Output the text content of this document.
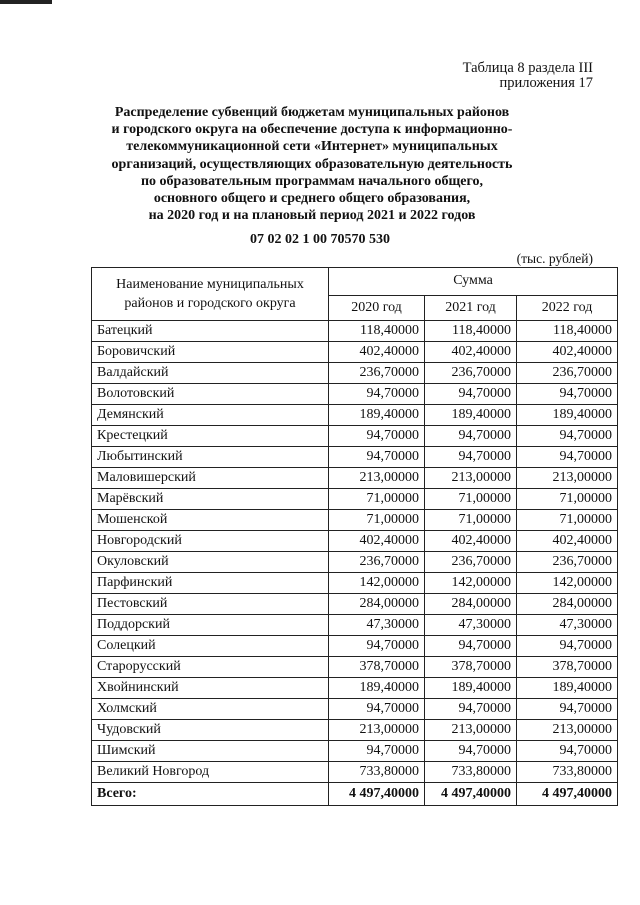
Таблица 8 раздела III
приложения 17
Распределение субвенций бюджетам муниципальных районов
и городского округа на обеспечение доступа к информационно-
телекоммуникационной сети «Интернет» муниципальных
организаций, осуществляющих образовательную деятельность
по образовательным программам начального общего,
основного общего и среднего общего образования,
на 2020 год и на плановый период 2021 и 2022 годов
07 02 02 1 00 70570 530
(тыс. рублей)
Наименование муниципальных районов и городского округа	Сумма		
	2020 год	2021 год	2022 год
Батецкий	118,40000	118,40000	118,40000
Боровичский	402,40000	402,40000	402,40000
Валдайский	236,70000	236,70000	236,70000
Волотовский	94,70000	94,70000	94,70000
Демянский	189,40000	189,40000	189,40000
Крестецкий	94,70000	94,70000	94,70000
Любытинский	94,70000	94,70000	94,70000
Маловишерский	213,00000	213,00000	213,00000
Марёвский	71,00000	71,00000	71,00000
Мошенской	71,00000	71,00000	71,00000
Новгородский	402,40000	402,40000	402,40000
Окуловский	236,70000	236,70000	236,70000
Парфинский	142,00000	142,00000	142,00000
Пестовский	284,00000	284,00000	284,00000
Поддорский	47,30000	47,30000	47,30000
Солецкий	94,70000	94,70000	94,70000
Старорусский	378,70000	378,70000	378,70000
Хвойнинский	189,40000	189,40000	189,40000
Холмский	94,70000	94,70000	94,70000
Чудовский	213,00000	213,00000	213,00000
Шимский	94,70000	94,70000	94,70000
Великий Новгород	733,80000	733,80000	733,80000
Всего:	4 497,40000	4 497,40000	4 497,40000
